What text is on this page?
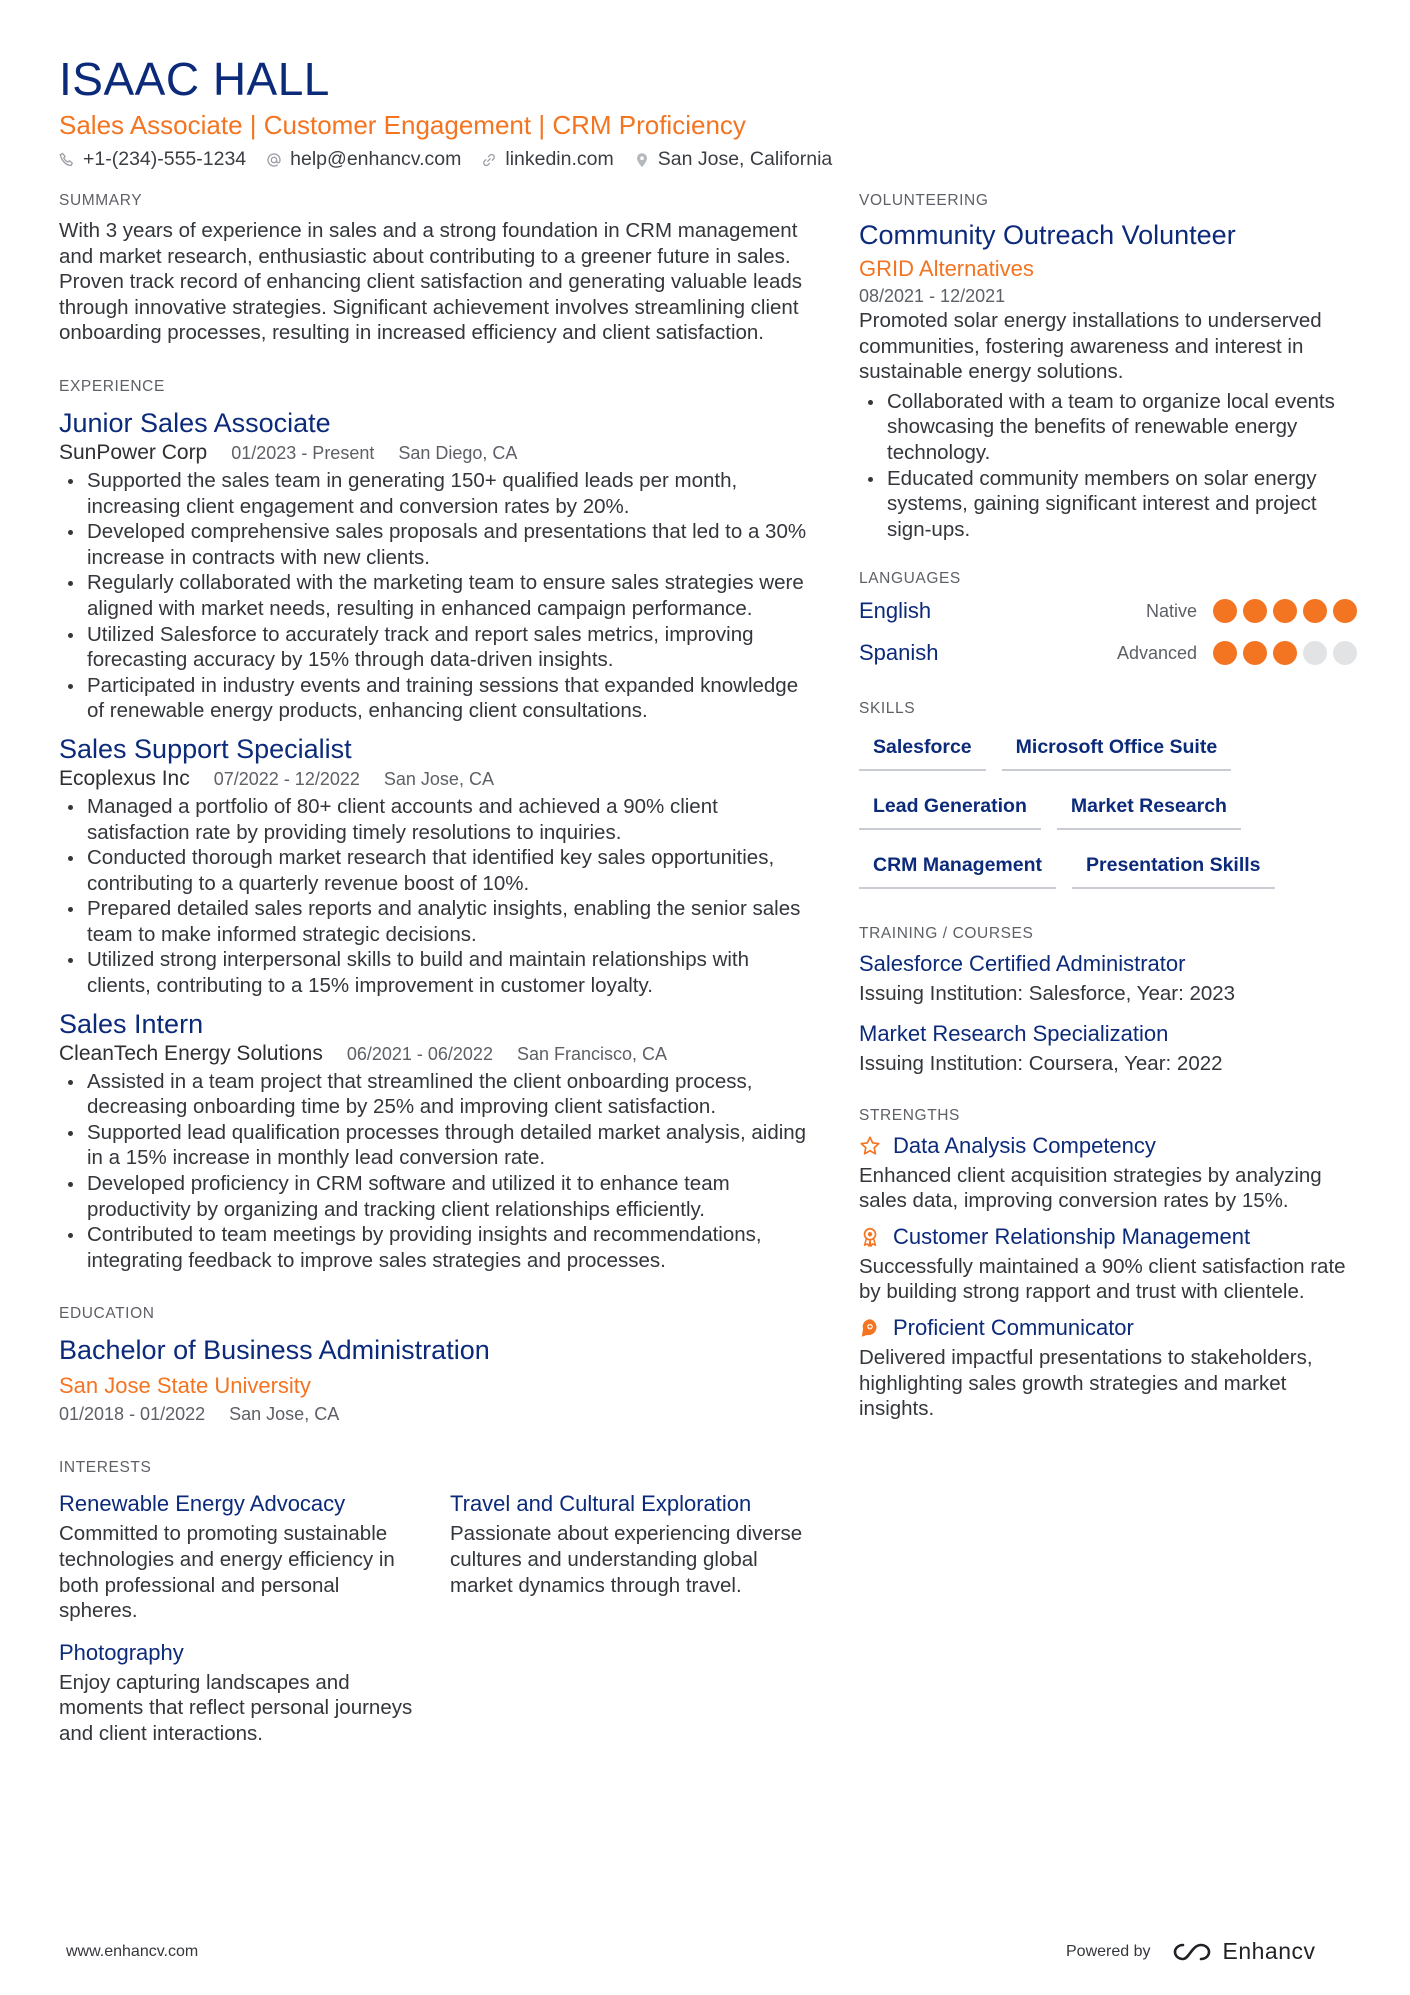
ISAAC HALL
Sales Associate | Customer Engagement | CRM Proficiency
+1-(234)-555-1234 help@enhancv.com linkedin.com San Jose, California
SUMMARY

With 3 years of experience in sales and a strong foundation in CRM management and market research, enthusiastic about contributing to a greener future in sales. Proven track record of enhancing client satisfaction and generating valuable leads through innovative strategies. Significant achievement involves streamlining client onboarding processes, resulting in increased efficiency and client satisfaction.

EXPERIENCE
Junior Sales Associate
SunPower Corp 01/2023 - Present San Diego, CA
Supported the sales team in generating 150+ qualified leads per month, increasing client engagement and conversion rates by 20%.
Developed comprehensive sales proposals and presentations that led to a 30% increase in contracts with new clients.
Regularly collaborated with the marketing team to ensure sales strategies were aligned with market needs, resulting in enhanced campaign performance.
Utilized Salesforce to accurately track and report sales metrics, improving forecasting accuracy by 15% through data-driven insights.
Participated in industry events and training sessions that expanded knowledge of renewable energy products, enhancing client consultations.
Sales Support Specialist
Ecoplexus Inc 07/2022 - 12/2022 San Jose, CA
Managed a portfolio of 80+ client accounts and achieved a 90% client satisfaction rate by providing timely resolutions to inquiries.
Conducted thorough market research that identified key sales opportunities, contributing to a quarterly revenue boost of 10%.
Prepared detailed sales reports and analytic insights, enabling the senior sales team to make informed strategic decisions.
Utilized strong interpersonal skills to build and maintain relationships with clients, contributing to a 15% improvement in customer loyalty.
Sales Intern
CleanTech Energy Solutions 06/2021 - 06/2022 San Francisco, CA
Assisted in a team project that streamlined the client onboarding process, decreasing onboarding time by 25% and improving client satisfaction.
Supported lead qualification processes through detailed market analysis, aiding in a 15% increase in monthly lead conversion rate.
Developed proficiency in CRM software and utilized it to enhance team productivity by organizing and tracking client relationships efficiently.
Contributed to team meetings by providing insights and recommendations, integrating feedback to improve sales strategies and processes.
EDUCATION
Bachelor of Business Administration
San Jose State University
01/2018 - 01/2022 San Jose, CA
INTERESTS
Renewable Energy Advocacy

Committed to promoting sustainable technologies and energy efficiency in both professional and personal spheres.

Travel and Cultural Exploration

Passionate about experiencing diverse cultures and understanding global market dynamics through travel.

Photography

Enjoy capturing landscapes and moments that reflect personal journeys and client interactions.

VOLUNTEERING
Community Outreach Volunteer
GRID Alternatives
08/2021 - 12/2021

Promoted solar energy installations to underserved communities, fostering awareness and interest in sustainable energy solutions.

Collaborated with a team to organize local events showcasing the benefits of renewable energy technology.
Educated community members on solar energy systems, gaining significant interest and project sign-ups.
LANGUAGES
English	Native
Spanish	Advanced
SKILLS
Salesforce	Microsoft Office Suite
Lead Generation	Market Research
CRM Management	Presentation Skills
TRAINING / COURSES
Salesforce Certified Administrator
Issuing Institution: Salesforce, Year: 2023
Market Research Specialization
Issuing Institution: Coursera, Year: 2022
STRENGTHS
Data Analysis Competency

Enhanced client acquisition strategies by analyzing sales data, improving conversion rates by 15%.

Customer Relationship Management

Successfully maintained a 90% client satisfaction rate by building strong rapport and trust with clientele.

Proficient Communicator

Delivered impactful presentations to stakeholders, highlighting sales growth strategies and market insights.

www.enhancv.com	Powered by	Enhancv
